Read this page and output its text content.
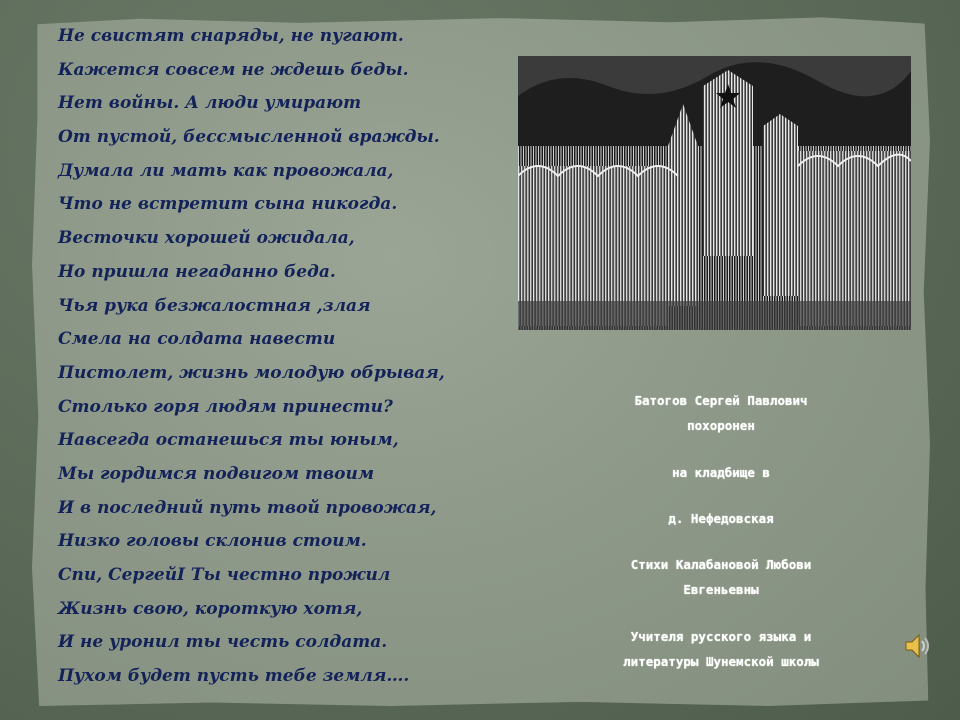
Не свистят снаряды, не пугают.
Кажется совсем не ждешь беды.
Нет войны. А люди умирают
От пустой, бессмысленной вражды.
Думала ли мать как провожала,
Что не встретит сына никогда.
Весточки хорошей ожидала,
Но пришла негаданно беда.
Чья рука безжалостная ,злая
Смела на солдата навести
Пистолет, жизнь молодую обрывая,
Столько горя людям принести?
Навсегда останешься ты юным,
Мы гордимся подвигом твоим
И в последний путь твой провожая,
Низко головы склонив стоим.
Спи, СергейI Ты честно прожил
Жизнь свою, короткую хотя,
И не уронил ты честь солдата.
Пухом будет пусть тебе земля….
Батогов Сергей Павлович
похоронен
на кладбище в
д. Нефедовская
Стихи Калабановой Любови
Евгеньевны
Учителя русского языка и
литературы Шунемской школы
